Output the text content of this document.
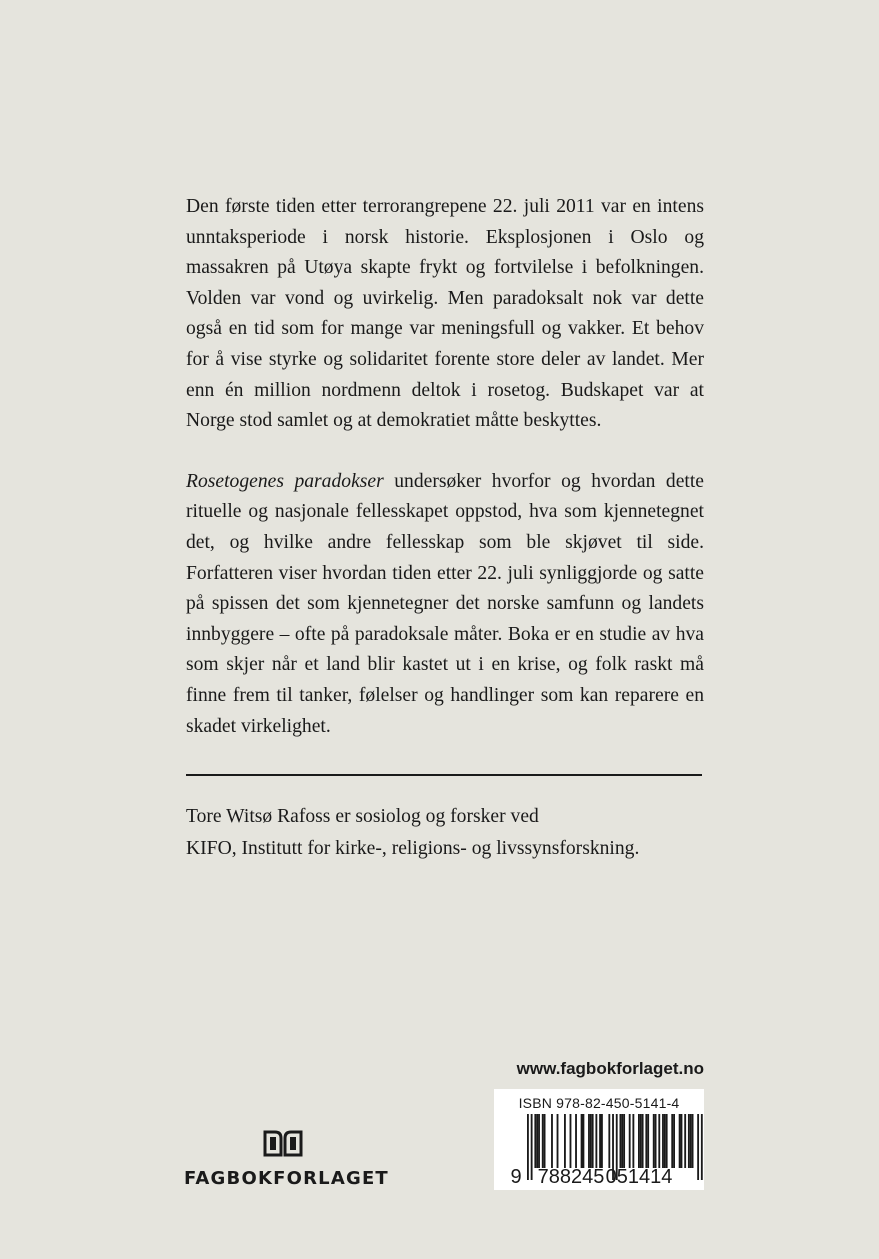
Den første tiden etter terrorangrepene 22. juli 2011 var en intens unntaksperiode i norsk historie. Eksplosjonen i Oslo og massakren på Utøya skapte frykt og fortvilelse i befolkningen. Volden var vond og uvirkelig. Men paradoksalt nok var dette også en tid som for mange var meningsfull og vakker. Et behov for å vise styrke og solidaritet forente store deler av landet. Mer enn én million nordmenn deltok i rosetog. Budskapet var at Norge stod samlet og at demokratiet måtte beskyttes.

Rosetogenes paradokser undersøker hvorfor og hvordan dette rituelle og nasjonale fellesskapet oppstod, hva som kjennetegnet det, og hvilke andre fellesskap som ble skjøvet til side. Forfatteren viser hvordan tiden etter 22. juli synliggjorde og satte på spissen det som kjennetegner det norske samfunn og landets innbyggere – ofte på paradoksale måter. Boka er en studie av hva som skjer når et land blir kastet ut i en krise, og folk raskt må finne frem til tanker, følelser og handlinger som kan reparere en skadet virkelighet.

Tore Witsø Rafoss er sosiolog og forsker ved
KIFO, Institutt for kirke-, religions- og livssynsforskning.
www.fagbokforlaget.no
ISBN 978-82-450-5141-4
9 788245 051414
FAGBOKFORLAGET
